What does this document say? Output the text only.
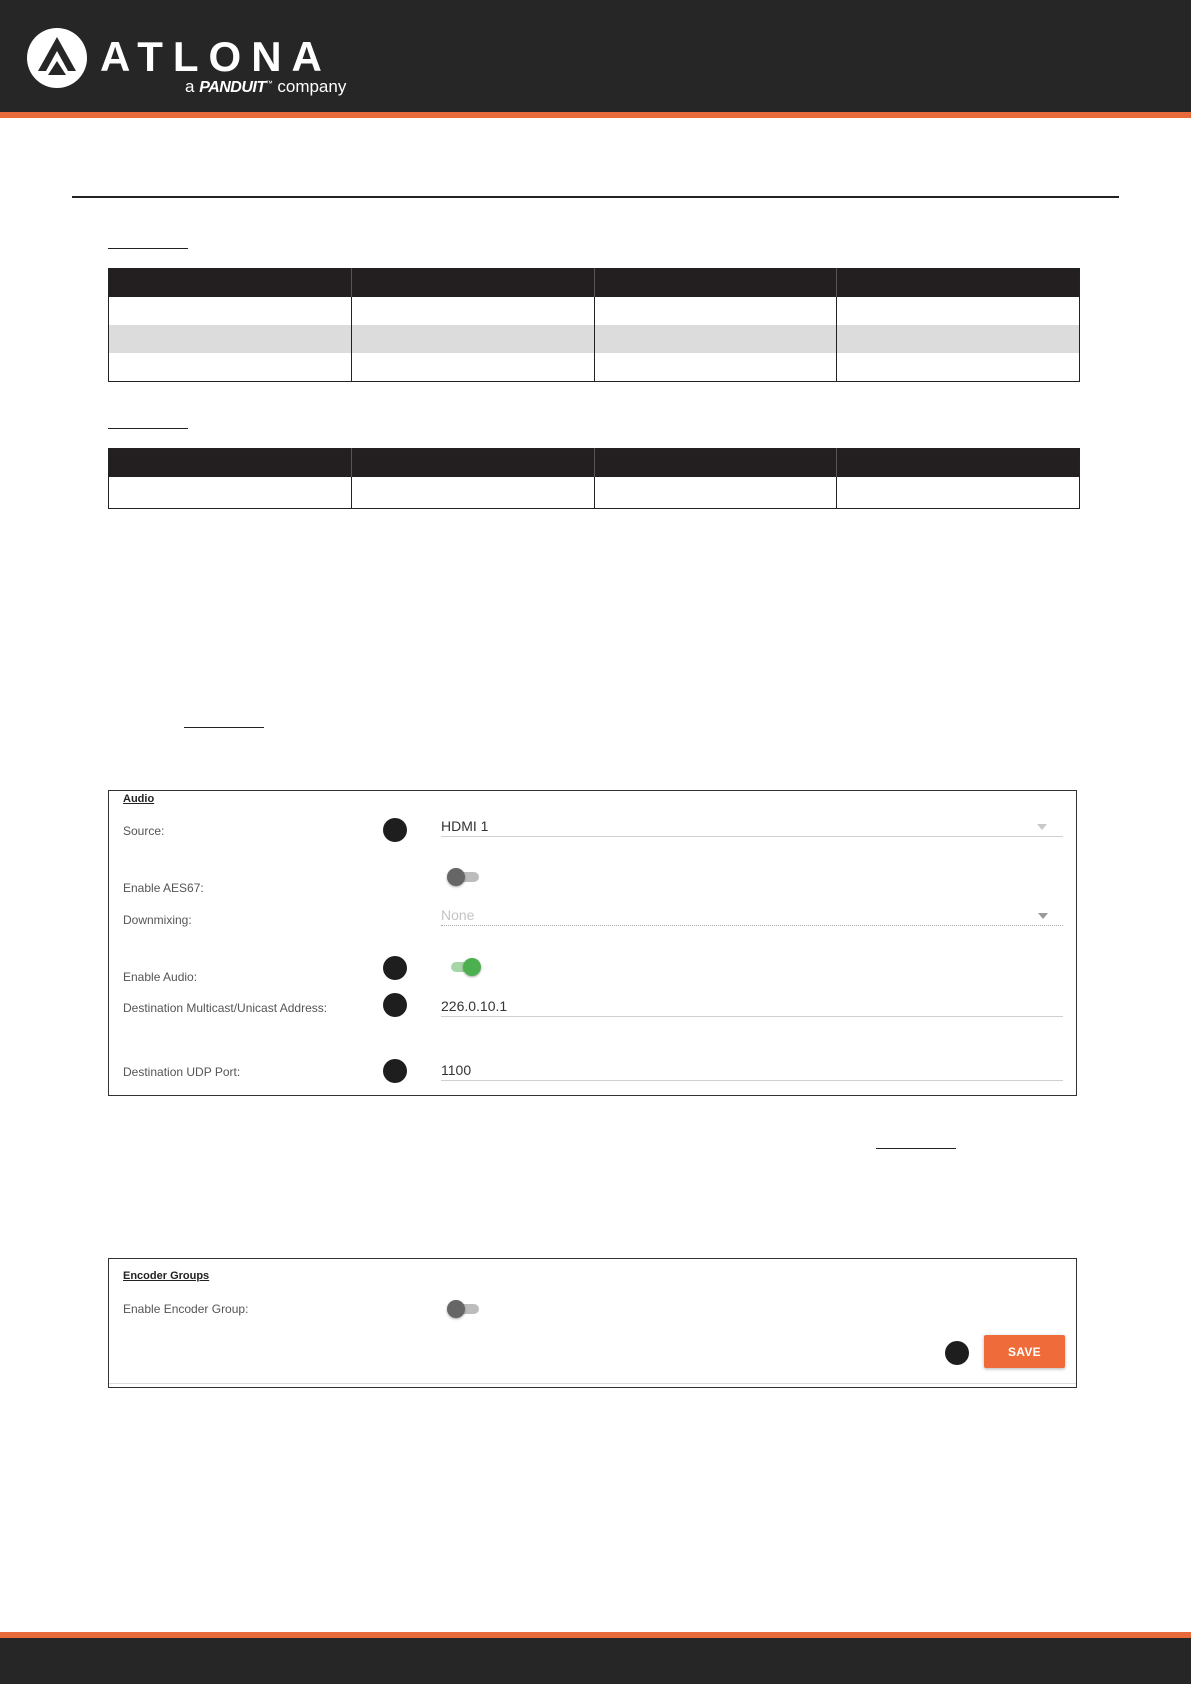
ATLONA
a PANDUIT™ company

Audio
Source:	HDMI 1
Enable AES67:
Downmixing:	None
Enable Audio:
Destination Multicast/Unicast Address:	226.0.10.1
Destination UDP Port:	1100
Encoder Groups
Enable Encoder Group:
SAVE
